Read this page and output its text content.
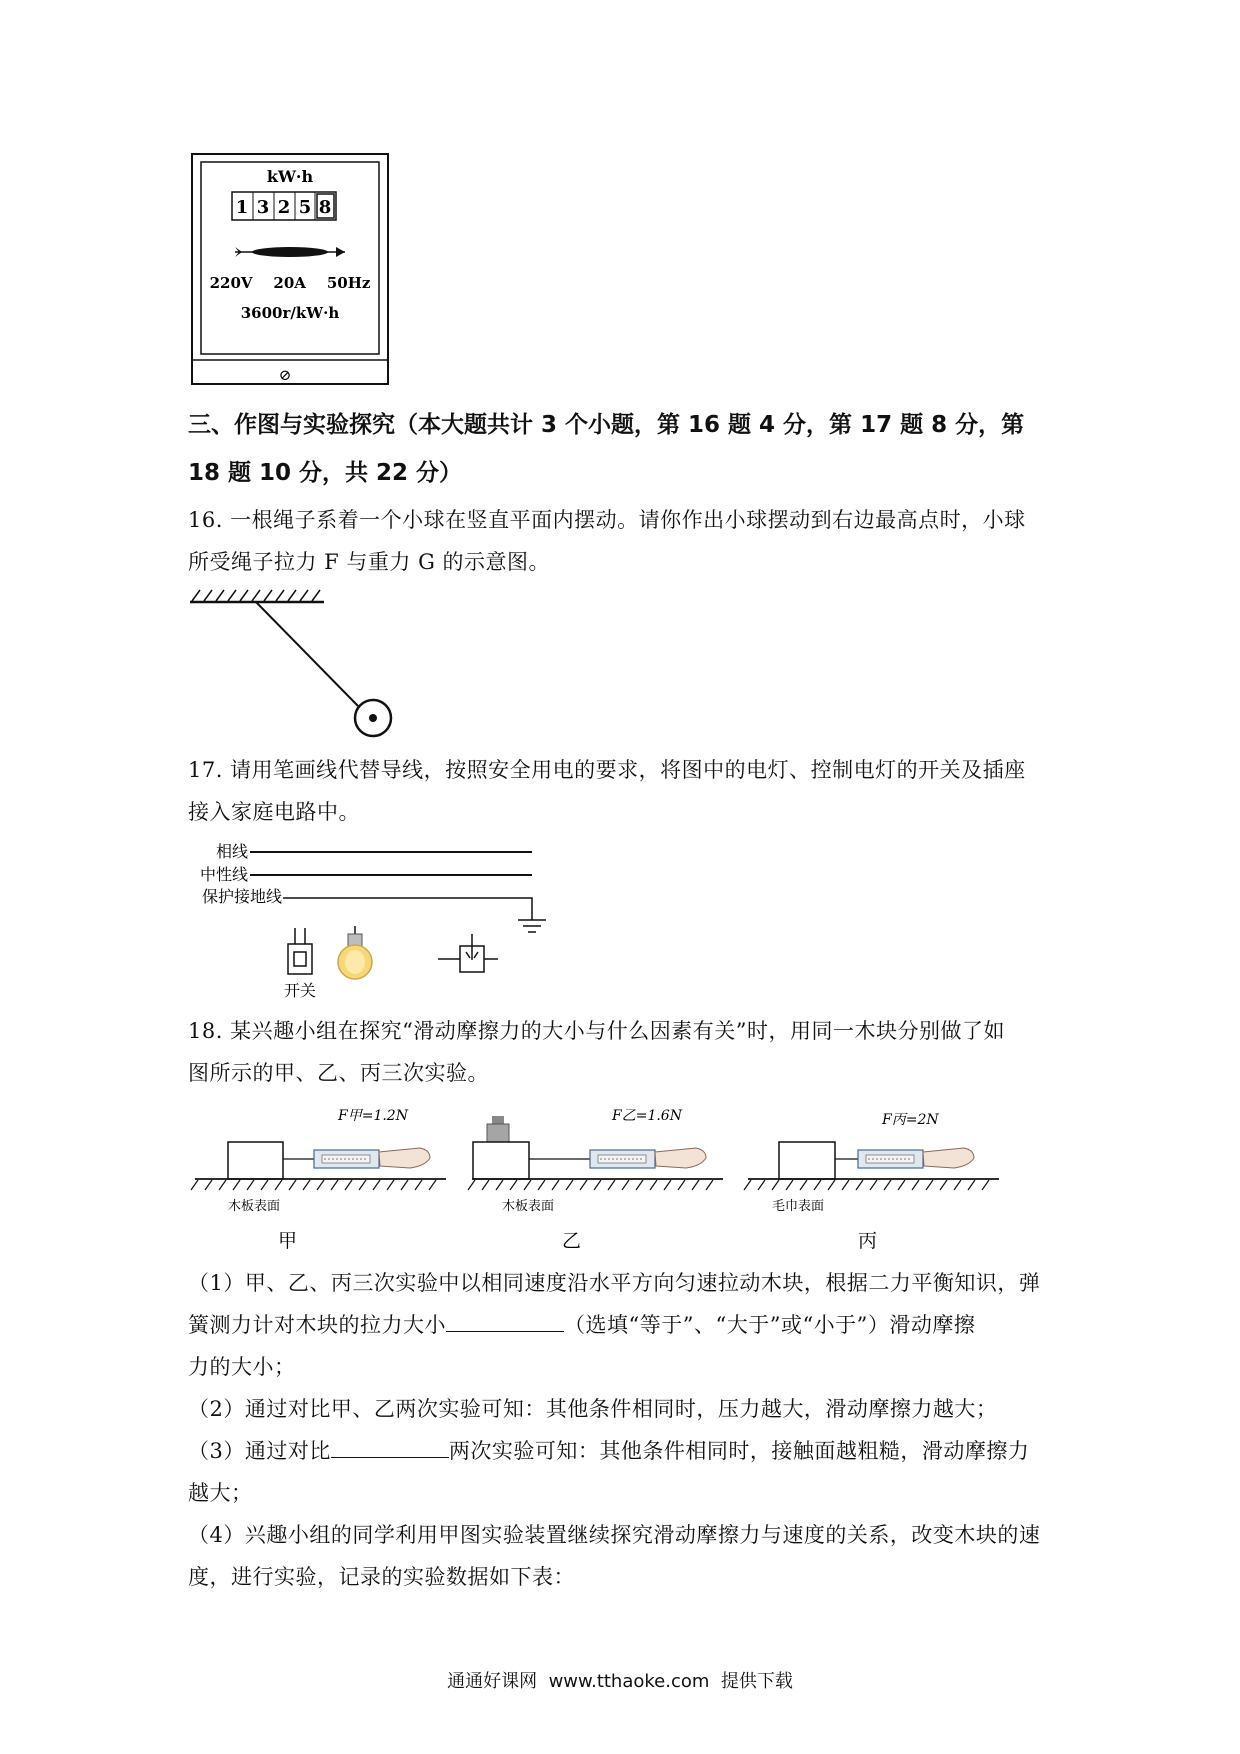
kW·h
1 3 2 5 8
220V    20A    50Hz
3600r/kW·h
⊘
三、作图与实验探究（本大题共计 3 个小题，第 16 题 4 分，第 17 题 8 分，第
18 题 10 分，共 22 分）
16. 一根绳子系着一个小球在竖直平面内摆动。请你作出小球摆动到右边最高点时，小球
所受绳子拉力 F 与重力 G 的示意图。
17. 请用笔画线代替导线，按照安全用电的要求，将图中的电灯、控制电灯的开关及插座
接入家庭电路中。
相线
中性线
保护接地线
开关
18. 某兴趣小组在探究“滑动摩擦力的大小与什么因素有关”时，用同一木块分别做了如
图所示的甲、乙、丙三次实验。
F甲=1.2N
木板表面
甲
F乙=1.6N
木板表面
乙
F丙=2N
毛巾表面
丙
（1）甲、乙、丙三次实验中以相同速度沿水平方向匀速拉动木块，根据二力平衡知识，弹
簧测力计对木块的拉力大小	（选填“等于”、“大于”或“小于”）滑动摩擦
力的大小；
（2）通过对比甲、乙两次实验可知：其他条件相同时，压力越大，滑动摩擦力越大；
（3）通过对比	两次实验可知：其他条件相同时，接触面越粗糙，滑动摩擦力
越大；
（4）兴趣小组的同学利用甲图实验装置继续探究滑动摩擦力与速度的关系，改变木块的速
度，进行实验，记录的实验数据如下表：
通通好课网  www.tthaoke.com  提供下载
